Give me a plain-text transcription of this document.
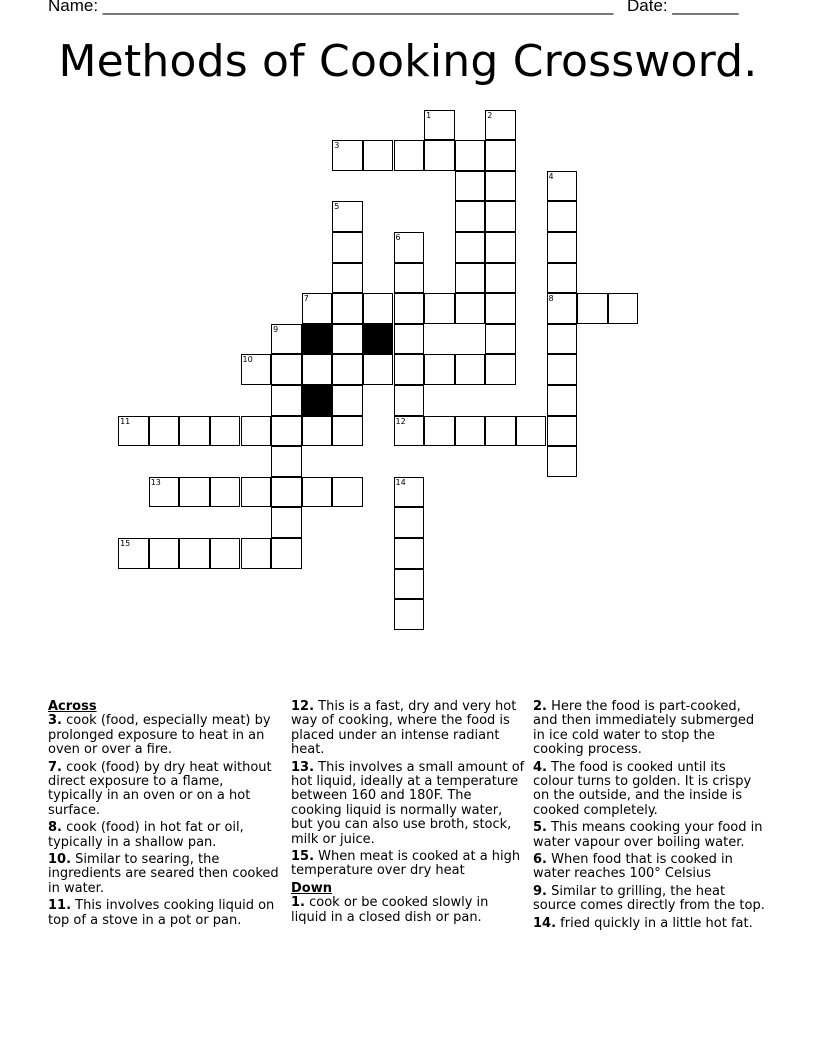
Name: ______________________________________________________ Date: _______
Methods of Cooking Crossword.
1	2
3
4
5
6
7	8
9
10
11	12
13	14
15
Across
3. cook (food, especially meat) by prolonged exposure to heat in an oven or over a fire.
7. cook (food) by dry heat without direct exposure to a flame, typically in an oven or on a hot surface.
8. cook (food) in hot fat or oil, typically in a shallow pan.
10. Similar to searing, the ingredients are seared then cooked in water.
11. This involves cooking liquid on top of a stove in a pot or pan.
12. This is a fast, dry and very hot way of cooking, where the food is placed under an intense radiant heat.
13. This involves a small amount of hot liquid, ideally at a temperature between 160 and 180F. The cooking liquid is normally water, but you can also use broth, stock, milk or juice.
15. When meat is cooked at a high temperature over dry heat
Down
1. cook or be cooked slowly in liquid in a closed dish or pan.
2. Here the food is part-cooked, and then immediately submerged in ice cold water to stop the cooking process.
4. The food is cooked until its colour turns to golden. It is crispy on the outside, and the inside is cooked completely.
5. This means cooking your food in water vapour over boiling water.
6. When food that is cooked in water reaches 100° Celsius
9. Similar to grilling, the heat source comes directly from the top.
14. fried quickly in a little hot fat.
